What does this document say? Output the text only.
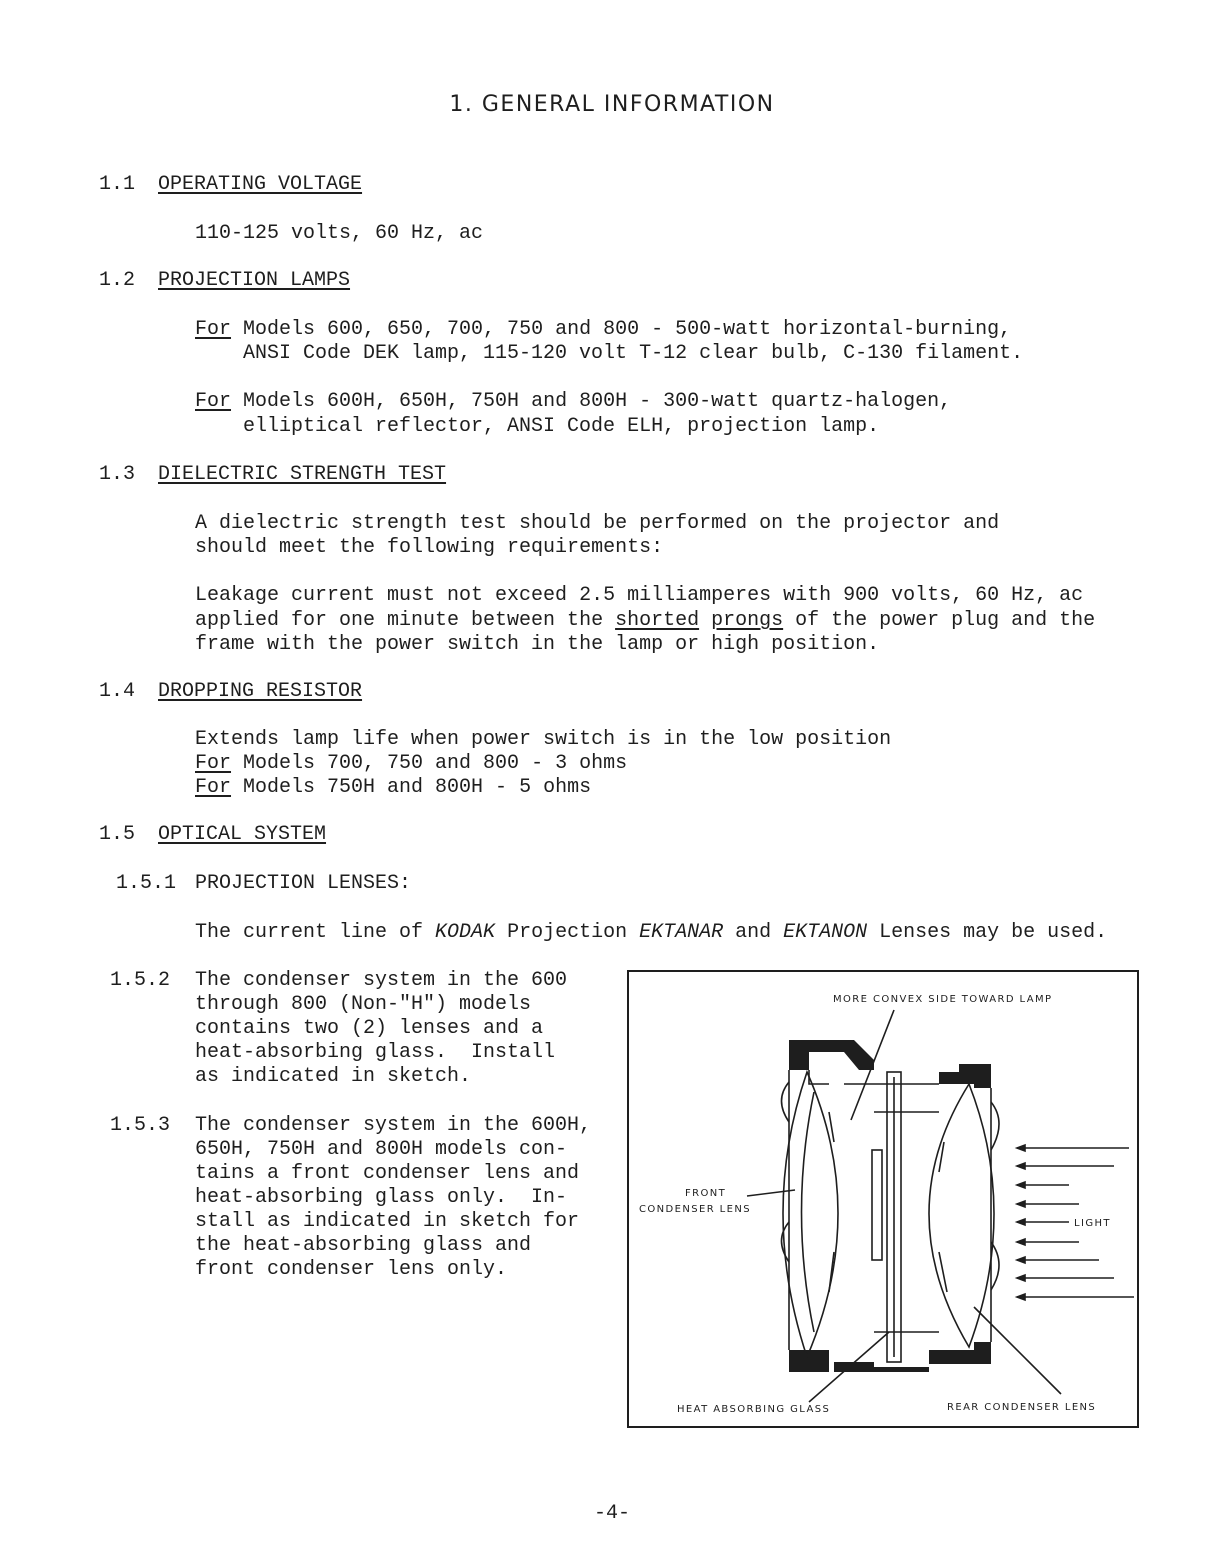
1. GENERAL INFORMATION
1.1 OPERATING VOLTAGE
110-125 volts, 60 Hz, ac
1.2 PROJECTION LAMPS
For Models 600, 650, 700, 750 and 800 - 500-watt horizontal-burning,
ANSI Code DEK lamp, 115-120 volt T-12 clear bulb, C-130 filament.
For Models 600H, 650H, 750H and 800H - 300-watt quartz-halogen,
elliptical reflector, ANSI Code ELH, projection lamp.
1.3 DIELECTRIC STRENGTH TEST
A dielectric strength test should be performed on the projector and
should meet the following requirements:
Leakage current must not exceed 2.5 milliamperes with 900 volts, 60 Hz, ac
applied for one minute between the shorted prongs of the power plug and the
frame with the power switch in the lamp or high position.
1.4 DROPPING RESISTOR
Extends lamp life when power switch is in the low position
For Models 700, 750 and 800 - 3 ohms
For Models 750H and 800H - 5 ohms
1.5 OPTICAL SYSTEM
1.5.1 PROJECTION LENSES:
The current line of KODAK Projection EKTANAR and EKTANON Lenses may be used.
1.5.2 The condenser system in the 600
through 800 (Non-"H") models
contains two (2) lenses and a
heat-absorbing glass.  Install
as indicated in sketch.
1.5.3 The condenser system in the 600H,
650H, 750H and 800H models con-
tains a front condenser lens and
heat-absorbing glass only.  In-
stall as indicated in sketch for
the heat-absorbing glass and
front condenser lens only.
MORE CONVEX SIDE TOWARD LAMP
FRONT
CONDENSER LENS
LIGHT
HEAT ABSORBING GLASS	REAR CONDENSER LENS
-4-
